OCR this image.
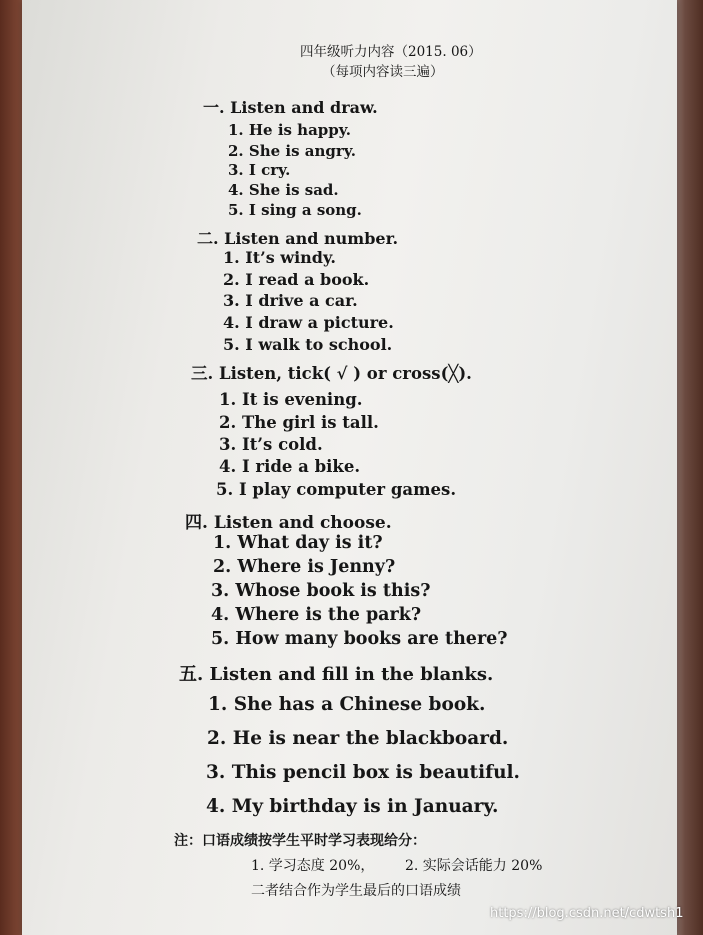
四年级听力内容（2015. 06）
（每项内容读三遍）
一. Listen and draw.
1. He is happy.
2. She is angry.
3. I cry.
4. She is sad.
5. I sing a song.
二. Listen and number.
1. It’s windy.
2. I read a book.
3. I drive a car.
4. I draw a picture.
5. I walk to school.
三. Listen, tick( √ ) or cross(╳).
1. It is evening.
2. The girl is tall.
3. It’s cold.
4. I ride a bike.
5. I play computer games.
四. Listen and choose.
1. What day is it?
2. Where is Jenny?
3. Whose book is this?
4. Where is the park?
5. How many books are there?
五. Listen and fill in the blanks.
1. She has a Chinese book.
2. He is near the blackboard.
3. This pencil box is beautiful.
4. My birthday is in January.
注：口语成绩按学生平时学习表现给分：
1. 学习态度 20%， 2. 实际会话能力 20%
二者结合作为学生最后的口语成绩
https://blog.csdn.net/cdwtsh1
